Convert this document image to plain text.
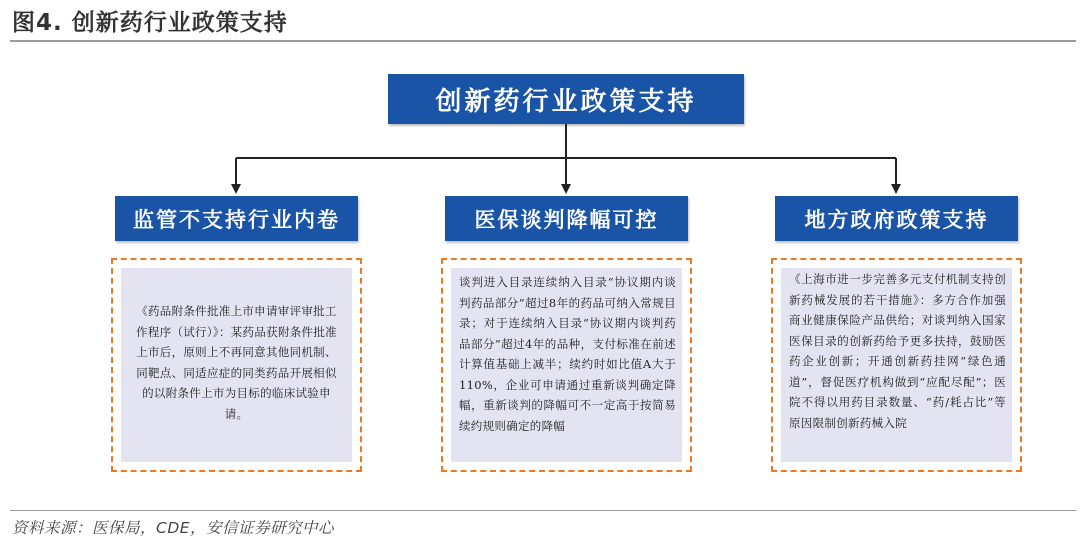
图4. 创新药行业政策支持
创新药行业政策支持
监管不支持行业内卷	医保谈判降幅可控	地方政府政策支持
《药品附条件批准上市申请审评审批工作程序（试行）》：某药品获附条件批准上市后，原则上不再同意其他同机制、同靶点、同适应症的同类药品开展相似的以附条件上市为目标的临床试验申请。
谈判进入目录连续纳入目录“协议期内谈判药品部分”超过8年的药品可纳入常规目录；对于连续纳入目录“协议期内谈判药品部分”超过4年的品种，支付标准在前述计算值基础上减半；续约时如比值A大于110%，企业可申请通过重新谈判确定降幅，重新谈判的降幅可不一定高于按简易续约规则确定的降幅
《上海市进一步完善多元支付机制支持创新药械发展的若干措施》：多方合作加强商业健康保险产品供给；对谈判纳入国家医保目录的创新药给予更多扶持，鼓励医药企业创新；开通创新药挂网“绿色通道”，督促医疗机构做到“应配尽配”；医院不得以用药目录数量、“药/耗占比”等原因限制创新药械入院
资料来源：医保局，CDE，安信证券研究中心
